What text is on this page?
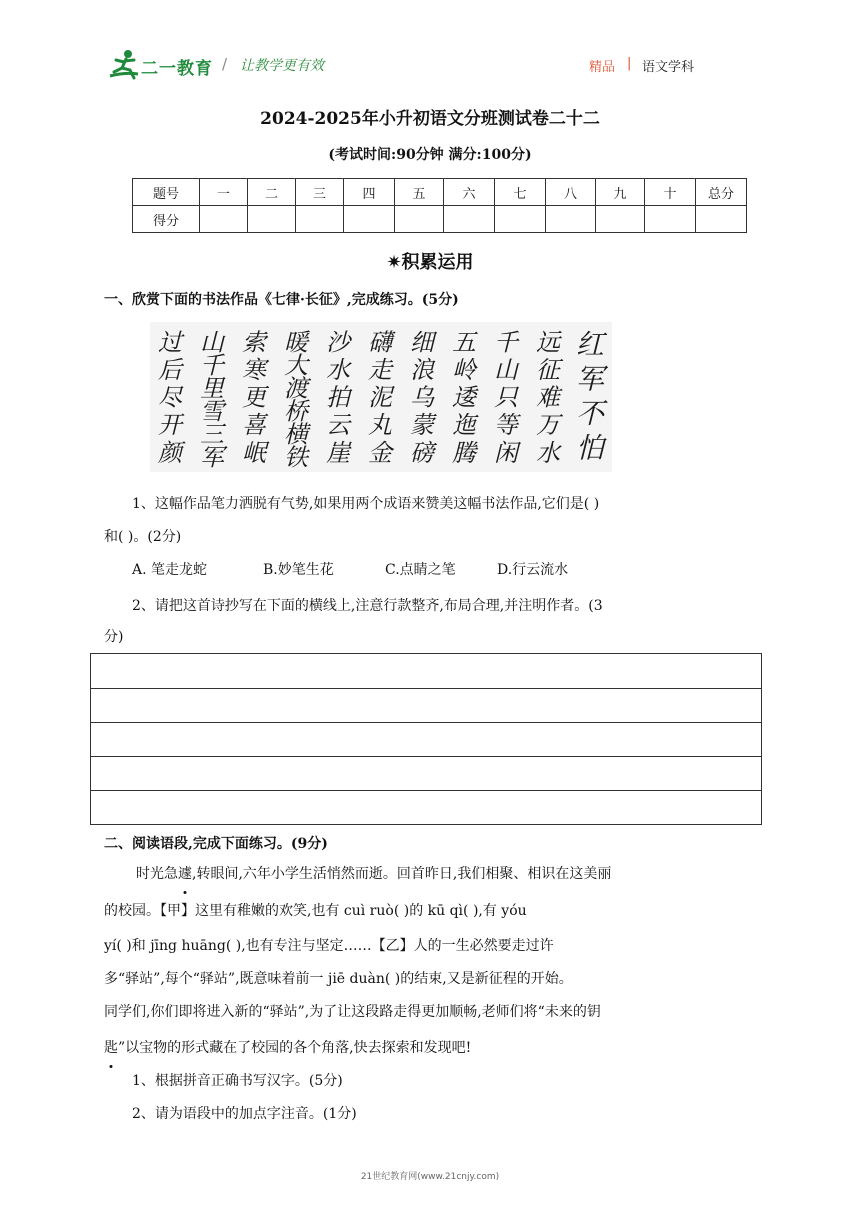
二一教育 / 让教学更有效	精品 | 语文学科
2024-2025年小升初语文分班测试卷二十二
(考试时间:90分钟 满分:100分)
题号	一	二	三	四	五	六	七	八	九	十	总分
得分											
✷积累运用
一、欣赏下面的书法作品《七律·长征》,完成练习。(5分)
红
军
不
怕
远
征
难
万
水
千
山
只
等
闲
五
岭
逶
迤
腾
细
浪
乌
蒙
磅
礴
走
泥
丸
金
沙
水
拍
云
崖
暖
大
渡
桥
横
铁
索
寒
更
喜
岷
山
千
里
雪
三
军
过
后
尽
开
颜
1、这幅作品笔力洒脱有气势,如果用两个成语来赞美这幅书法作品,它们是( )
和( )。(2分)
A. 笔走龙蛇	B.妙笔生花	C.点睛之笔	D.行云流水
2、请把这首诗抄写在下面的横线上,注意行款整齐,布局合理,并注明作者。(3
分)
二、阅读语段,完成下面练习。(9分)
时光急遽,转眼间,六年小学生活悄然而逝。回首昨日,我们相聚、相识在这美丽
的校园。【甲】这里有稚嫩的欢笑,也有 cuì ruò( )的 kū qì( ),有 yóu
yí( )和 jīng huāng( ),也有专注与坚定……【乙】人的一生必然要走过许
多“驿站”,每个“驿站”,既意味着前一 jiē duàn( )的结束,又是新征程的开始。
同学们,你们即将进入新的“驿站”,为了让这段路走得更加顺畅,老师们将“未来的钥
匙”以宝物的形式藏在了校园的各个角落,快去探索和发现吧!
1、根据拼音正确书写汉字。(5分)
2、请为语段中的加点字注音。(1分)
21世纪教育网(www.21cnjy.com)
